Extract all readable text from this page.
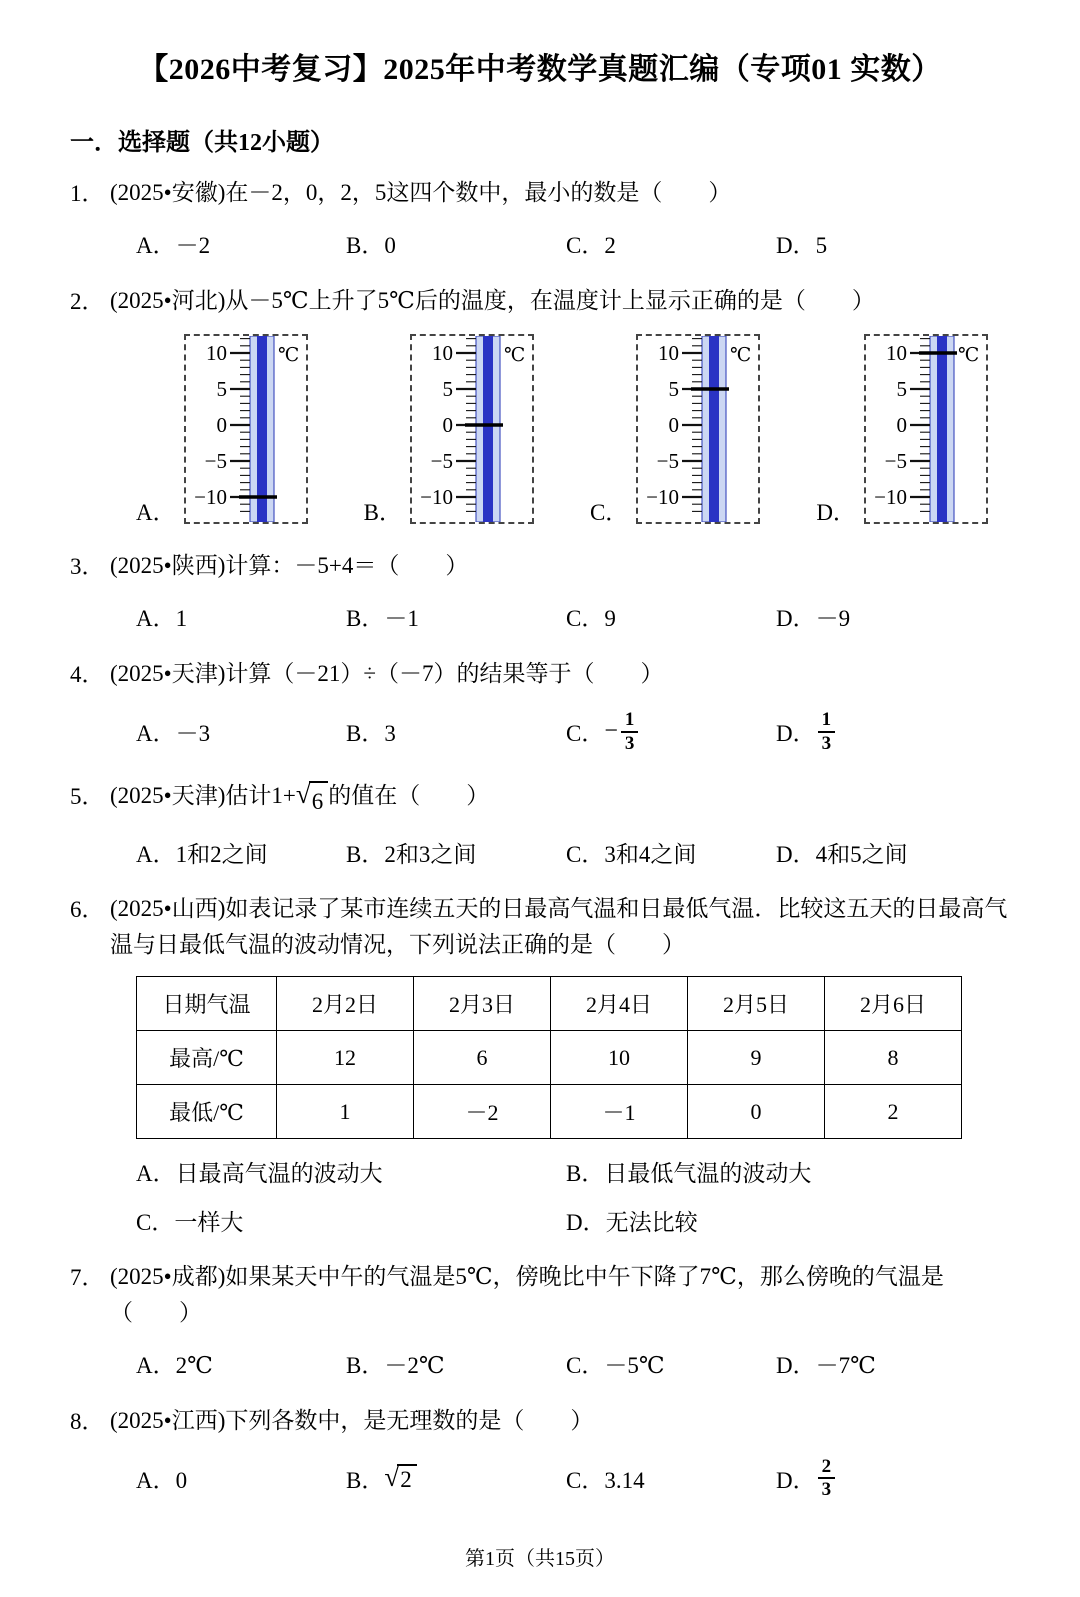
【2026中考复习】2025年中考数学真题汇编（专项01 实数）
一．选择题（共12小题）
1． (2025•安徽)在－2，0，2，5这四个数中，最小的数是（　　）
A．－2	B．0	C．2	D．5
2． (2025•河北)从－5℃上升了5℃后的温度，在温度计上显示正确的是（　　）
A．
10
5
0
−5
−10
℃
B．
10
5
0
−5
−10
℃
C．
10
5
0
−5
−10
℃
D．
10
5
0
−5
−10
℃
3． (2025•陕西)计算：－5+4＝（　　）
A．1	B．－1	C．9	D．－9
4． (2025•天津)计算（－21）÷（－7）的结果等于（　　）
A．－3	B．3	C． − $\frac{1}{3}$	D． $\frac{1}{3}$
5． (2025•天津)估计1+ √ 6 的值在（　　）
A．1和2之间	B．2和3之间	C．3和4之间	D．4和5之间
6． (2025•山西)如表记录了某市连续五天的日最高气温和日最低气温．比较这五天的日最高气温与日最低气温的波动情况，下列说法正确的是（　　）
日期气温	2月2日	2月3日	2月4日	2月5日	2月6日
最高/℃	12	6	10	9	8
最低/℃	1	－2	－1	0	2
A．日最高气温的波动大	B．日最低气温的波动大
C．一样大	D．无法比较
7． (2025•成都)如果某天中午的气温是5℃，傍晚比中午下降了7℃，那么傍晚的气温是（　　）
A．2℃	B．－2℃	C．－5℃	D．－7℃
8． (2025•江西)下列各数中，是无理数的是（　　）
A．0	B． √ 2	C．3.14	D． $\frac{2}{3}$
第1页（共15页）
